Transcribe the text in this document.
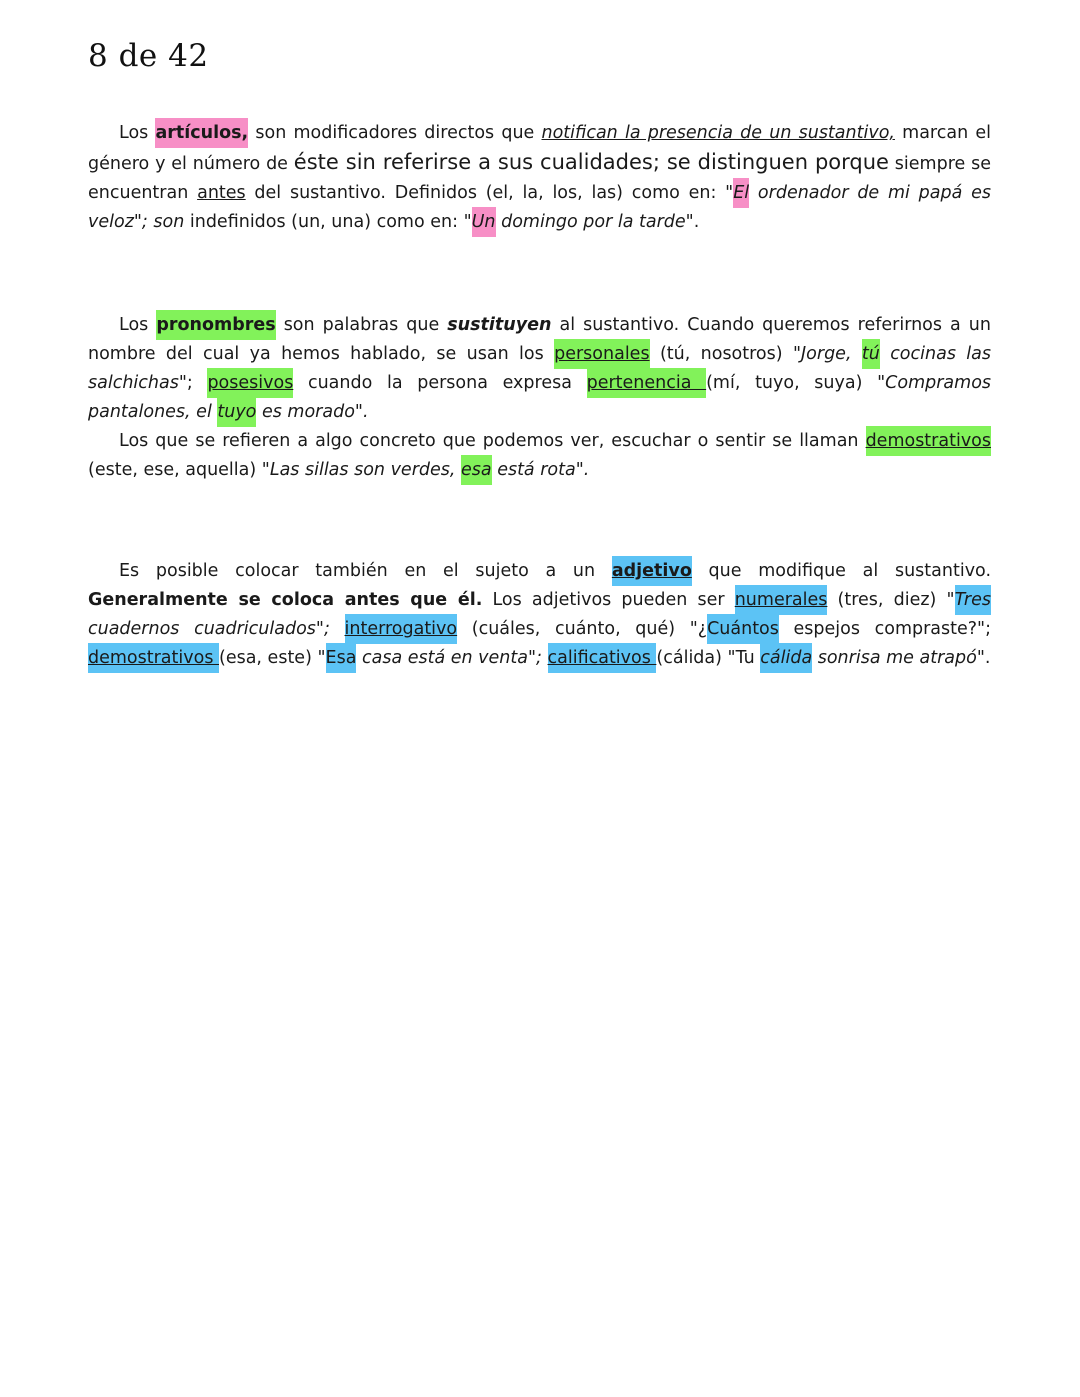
8 de 42
Los artículos, son modificadores directos que notifican la presencia de un sustantivo, marcan el género y el número de éste sin referirse a sus cualidades; se distinguen porque siempre se encuentran antes del sustantivo. Definidos (el, la, los, las) como en: "El ordenador de mi papá es veloz"; son indefinidos (un, una) como en: "Un domingo por la tarde".

Los pronombres son palabras que sustituyen al sustantivo. Cuando queremos referirnos a un nombre del cual ya hemos hablado, se usan los personales (tú, nosotros) "Jorge, tú cocinas las salchichas"; posesivos cuando la persona expresa pertenencia (mí, tuyo, suya) "Compramos pantalones, el tuyo es morado".

Los que se refieren a algo concreto que podemos ver, escuchar o sentir se llaman demostrativos (este, ese, aquella) "Las sillas son verdes, esa está rota".

Es posible colocar también en el sujeto a un adjetivo que modifique al sustantivo. Generalmente se coloca antes que él. Los adjetivos pueden ser numerales (tres, diez) "Tres cuadernos cuadriculados"; interrogativo (cuáles, cuánto, qué) "¿Cuántos espejos compraste?"; demostrativos (esa, este) "Esa casa está en venta"; calificativos (cálida) "Tu cálida sonrisa me atrapó".
